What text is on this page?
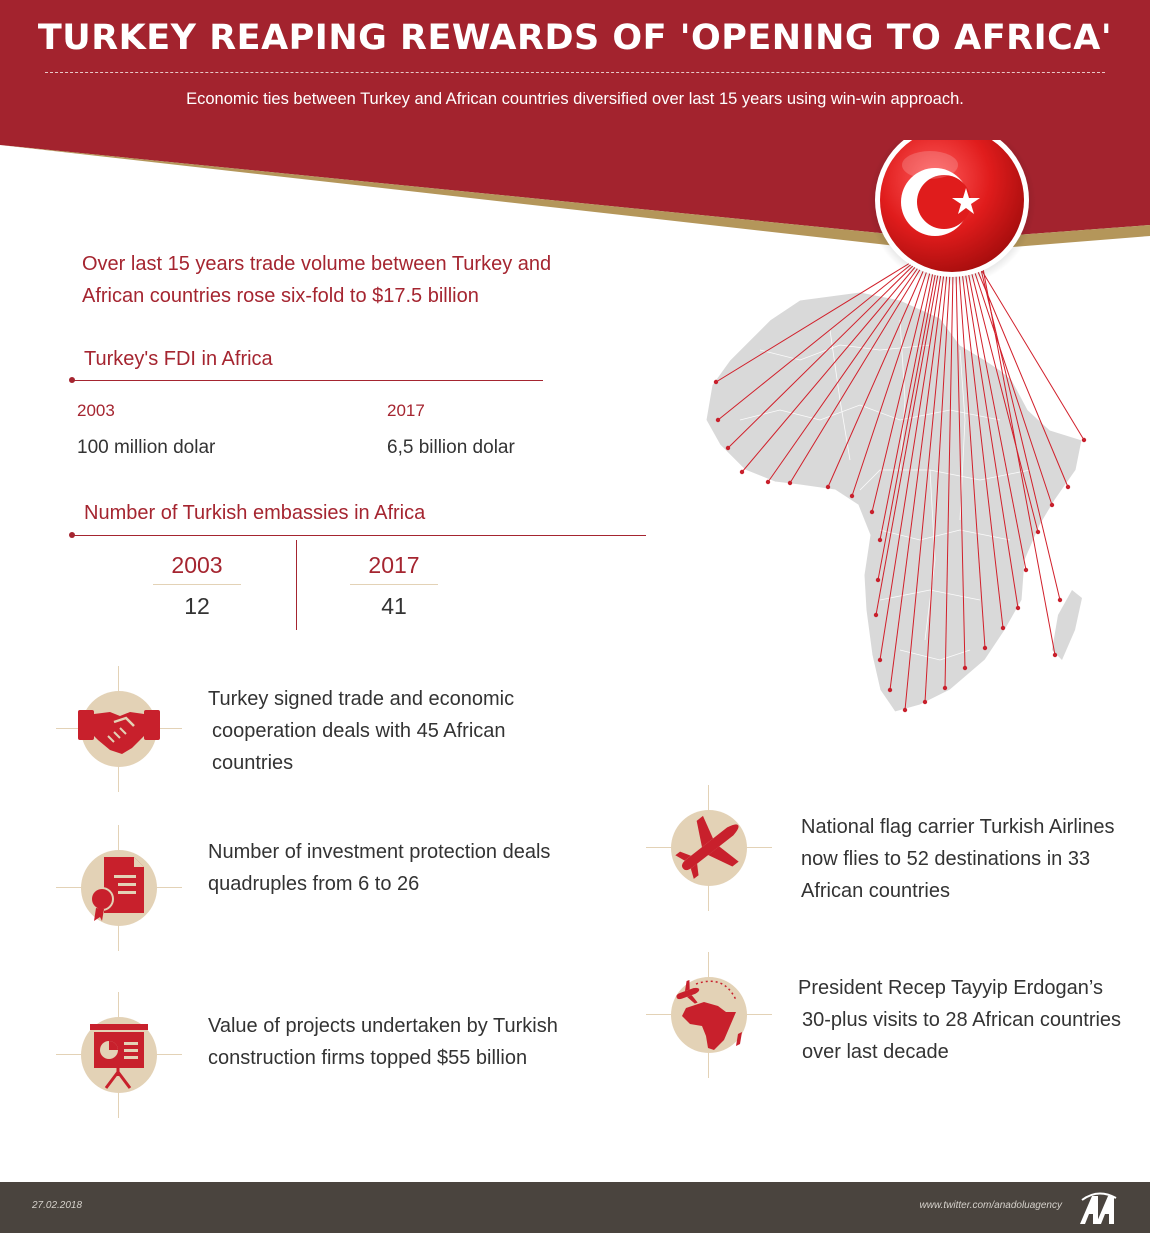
TURKEY REAPING REWARDS OF 'OPENING TO AFRICA'
Economic ties between Turkey and African countries diversified over last 15 years using win-win approach.
Over last 15 years trade volume between Turkey and
African countries rose six-fold to $17.5 billion
Turkey's FDI in Africa
2003
100 million dolar
2017
6,5 billion dolar
Number of Turkish embassies in Africa
2003
12
2017
41
Turkey signed trade and economic
cooperation deals with 45 African
countries
Number of investment protection deals
quadruples from 6 to 26
Value of projects undertaken by Turkish
construction firms topped $55 billion
National flag carrier Turkish Airlines
now flies to 52 destinations in 33
African countries
President Recep Tayyip Erdogan’s
30-plus visits to 28 African countries
over last decade
27.02.2018	www.twitter.com/anadoluagency
